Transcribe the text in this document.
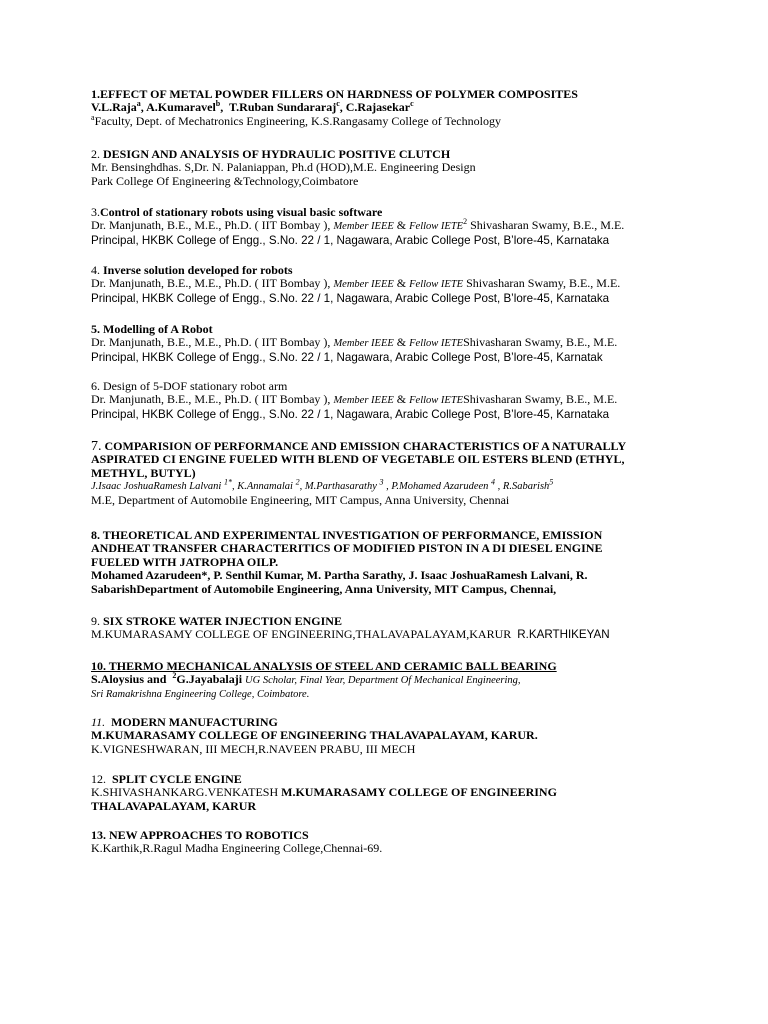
1.EFFECT OF METAL POWDER FILLERS ON HARDNESS OF POLYMER COMPOSITES
V.L.Raja$^a$, A.Kumaravel$^b$,  T.Ruban Sundararaj$^c$, C.Rajasekar$^c$
$^a$Faculty, Dept. of Mechatronics Engineering, K.S.Rangasamy College of Technology
2. DESIGN AND ANALYSIS OF HYDRAULIC POSITIVE CLUTCH
Mr. Bensinghdhas. S,Dr. N. Palaniappan, Ph.d (HOD),M.E. Engineering Design
Park College Of Engineering &Technology,Coimbatore
3.Control of stationary robots using visual basic software
Dr. Manjunath, B.E., M.E., Ph.D. ( IIT Bombay ), Member IEEE & Fellow IETE$^2$ Shivasharan Swamy, B.E., M.E.
Principal, HKBK College of Engg., S.No. 22 / 1, Nagawara, Arabic College Post, B’lore-45, Karnataka
4. Inverse solution developed for robots
Dr. Manjunath, B.E., M.E., Ph.D. ( IIT Bombay ), Member IEEE & Fellow IETE Shivasharan Swamy, B.E., M.E.
Principal, HKBK College of Engg., S.No. 22 / 1, Nagawara, Arabic College Post, B’lore-45, Karnataka
5. Modelling of A Robot
Dr. Manjunath, B.E., M.E., Ph.D. ( IIT Bombay ), Member IEEE & Fellow IETEShivasharan Swamy, B.E., M.E.
Principal, HKBK College of Engg., S.No. 22 / 1, Nagawara, Arabic College Post, B’lore-45, Karnatak
6. Design of 5-DOF stationary robot arm
Dr. Manjunath, B.E., M.E., Ph.D. ( IIT Bombay ), Member IEEE & Fellow IETEShivasharan Swamy, B.E., M.E.
Principal, HKBK College of Engg., S.No. 22 / 1, Nagawara, Arabic College Post, B’lore-45, Karnataka
7. COMPARISION OF PERFORMANCE AND EMISSION CHARACTERISTICS OF A NATURALLY
ASPIRATED CI ENGINE FUELED WITH BLEND OF VEGETABLE OIL ESTERS BLEND (ETHYL,
METHYL, BUTYL)
J.Isaac JoshuaRamesh Lalvani $^{1*}$, K.Annamalai $^2$, M.Parthasarathy $^3$ , P.Mohamed Azarudeen $^4$ , R.Sabarish$^5$
M.E, Department of Automobile Engineering, MIT Campus, Anna University, Chennai
8. THEORETICAL AND EXPERIMENTAL INVESTIGATION OF PERFORMANCE, EMISSION
ANDHEAT TRANSFER CHARACTERITICS OF MODIFIED PISTON IN A DI DIESEL ENGINE
FUELED WITH JATROPHA OILP.
Mohamed Azarudeen*, P. Senthil Kumar, M. Partha Sarathy, J. Isaac JoshuaRamesh Lalvani, R.
SabarishDepartment of Automobile Engineering, Anna University, MIT Campus, Chennai,
9. SIX STROKE WATER INJECTION ENGINE
M.KUMARASAMY COLLEGE OF ENGINEERING,THALAVAPALAYAM,KARUR R.KARTHIKEYAN
10. THERMO MECHANICAL ANALYSIS OF STEEL AND CERAMIC BALL BEARING
S.Aloysius and $^2$G.Jayabalaji UG Scholar, Final Year, Department Of Mechanical Engineering,
Sri Ramakrishna Engineering College, Coimbatore.
11. MODERN MANUFACTURING
M.KUMARASAMY COLLEGE OF ENGINEERING THALAVAPALAYAM, KARUR.
K.VIGNESHWARAN, III MECH,R.NAVEEN PRABU, III MECH
12. SPLIT CYCLE ENGINE
K.SHIVASHANKARG.VENKATESH M.KUMARASAMY COLLEGE OF ENGINEERING
THALAVAPALAYAM, KARUR
13. NEW APPROACHES TO ROBOTICS
K.Karthik,R.Ragul Madha Engineering College,Chennai-69.
